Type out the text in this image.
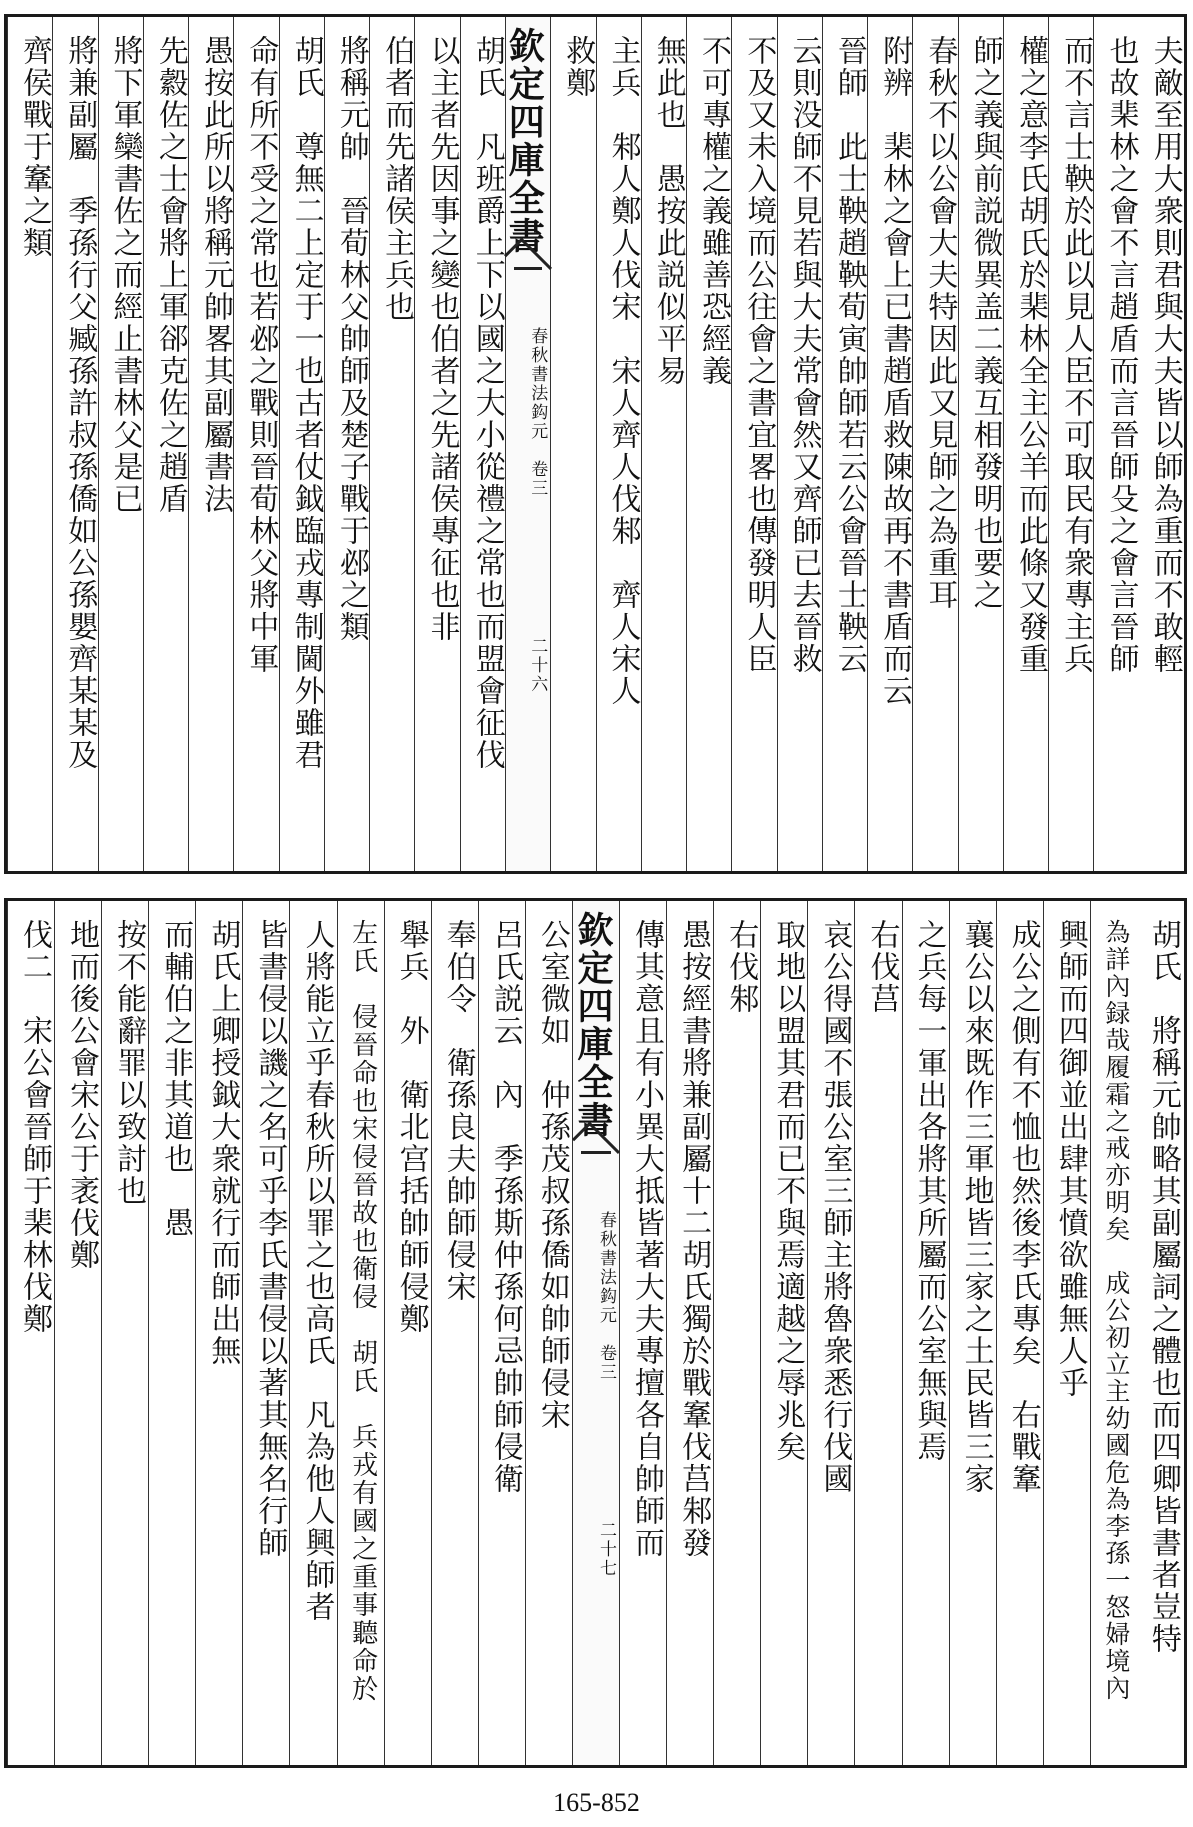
夫敵至用大衆則君與大夫皆以師為重而不敢輕
也故棐林之會不言趙盾而言晉師殳之會言晉師
而不言士鞅於此以見人臣不可取民有衆專主兵
權之意李氏胡氏於棐林全主公羊而此條又發重
師之義與前説微異盖二義互相發明也要之
春秋不以公會大夫特因此又見師之為重耳
附辨　棐林之會上已書趙盾救陳故再不書盾而云
晉師　此士鞅趙鞅荀寅帥師若云公會晉士鞅云
云則没師不見若與大夫常會然又齊師已去晉救
不及又未入境而公往會之書宜畧也傳發明人臣
不可專權之義雖善恐經義
無此也　愚按此説似平易
主兵　邾人鄭人伐宋　宋人齊人伐邾　齊人宋人
救鄭
欽定四庫全書
春秋書法鈎元　卷三
二十六
胡氏　凡班爵上下以國之大小從禮之常也而盟會征伐
以主者先因事之變也伯者之先諸侯專征也非
伯者而先諸侯主兵也
將稱元帥　晉荀林父帥師及楚子戰于邲之類
胡氏　尊無二上定于一也古者仗鉞臨戎專制閫外雖君
命有所不受之常也若邲之戰則晉荀林父將中軍
愚按此所以將稱元帥畧其副屬書法
先縠佐之士會將上軍郤克佐之趙盾
將下軍欒書佐之而經止書林父是已
將兼副屬　季孫行父臧孫許叔孫僑如公孫嬰齊某某及
齊侯戰于鞌之類
胡氏　將稱元帥略其副屬詞之體也而四卿皆書者豈特
為詳內録哉履霜之戒亦明矣　成公初立主幼國危為李孫一怒婦境內
興師而四御並出肆其憤欲雖無人乎
成公之側有不恤也然後李氏專矣　右戰鞌
襄公以來既作三軍地皆三家之土民皆三家
之兵每一軍出各將其所屬而公室無與焉
右伐莒
哀公得國不張公室三師主將魯衆悉行伐國
取地以盟其君而已不與焉適越之辱兆矣
右伐邾
愚按經書將兼副屬十二胡氏獨於戰鞌伐莒邾發
傳其意且有小異大抵皆著大夫專擅各自帥師而
欽定四庫全書
春秋書法鈎元　卷三
二十七
公室微如　仲孫茂叔孫僑如帥師侵宋
呂氏説云　內　季孫斯仲孫何忌帥師侵衛
奉伯令　衛孫良夫帥師侵宋
舉兵　外　衛北宫括帥師侵鄭
左氏　侵晉命也宋侵晉故也衛侵　胡氏　兵戎有國之重事聽命於
人將能立乎春秋所以罪之也高氏　凡為他人興師者
皆書侵以譏之名可乎李氏書侵以著其無名行師
胡氏上卿授鉞大衆就行而師出無
而輔伯之非其道也　愚
按不能辭罪以致討也
地而後公會宋公于袤伐鄭
伐二　宋公會晉師于棐林伐鄭
165-852
